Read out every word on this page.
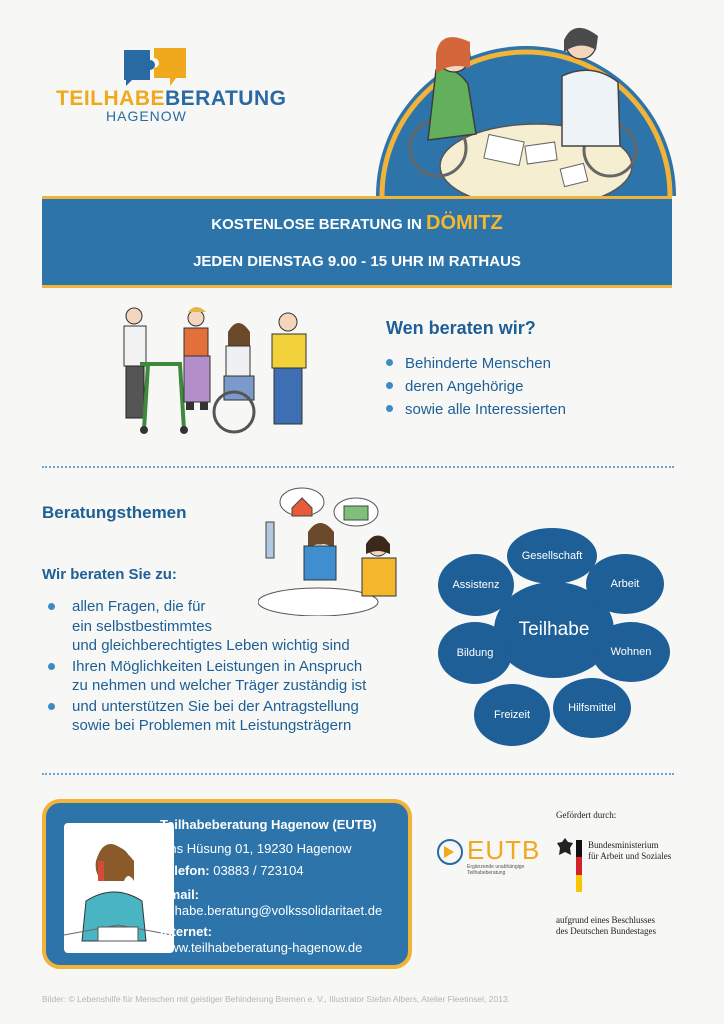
TEILHABEBERATUNG
HAGENOW
KOSTENLOSE BERATUNG IN DÖMITZ
JEDEN DIENSTAG 9.00 - 15 UHR IM RATHAUS
Wen beraten wir?
Behinderte Menschen
deren Angehörige
sowie alle Interessierten
Beratungsthemen
Wir beraten Sie zu:
allen Fragen, die für
ein selbstbestimmtes
und gleichberechtigtes Leben wichtig sind
Ihren Möglichkeiten Leistungen in Anspruch
zu nehmen und welcher Träger zuständig ist
und unterstützen Sie bei der Antragstellung
sowie bei Problemen mit Leistungsträgern
Teilhabe
Gesellschaft
Arbeit
Wohnen
Hilfsmittel
Freizeit
Bildung
Assistenz
Teilhabeberatung Hagenow (EUTB)
Uns Hüsung 01, 19230 Hagenow
Telefon: 03883 / 723104
Email:
teilhabe.beratung@volkssolidaritaet.de
Internet:
www.teilhabeberatung-hagenow.de
EUTB
Ergänzende unabhängige Teilhabeberatung
Gefördert durch:
Bundesministerium
für Arbeit und Soziales
aufgrund eines Beschlusses
des Deutschen Bundestages
Bilder: © Lebenshilfe für Menschen mit geistiger Behinderung Bremen e. V., Illustrator Stefan Albers, Atelier Fleetinsel, 2013.
